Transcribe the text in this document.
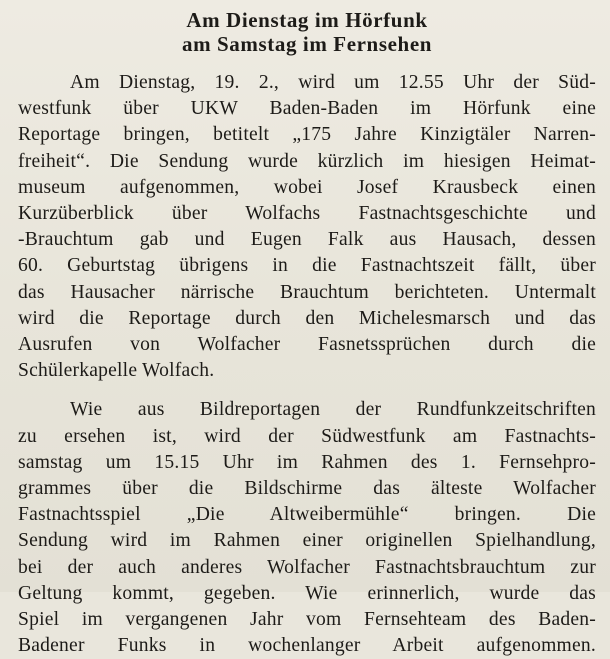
Am Dienstag im Hörfunk
am Samstag im Fernsehen
Am Dienstag, 19. 2., wird um 12.55 Uhr der Süd-
westfunk über UKW Baden-Baden im Hörfunk eine
Reportage bringen, betitelt „175 Jahre Kinzigtäler Narren-
freiheit“. Die Sendung wurde kürzlich im hiesigen Heimat-
museum aufgenommen, wobei Josef Krausbeck einen
Kurzüberblick über Wolfachs Fastnachtsgeschichte und
-Brauchtum gab und Eugen Falk aus Hausach, dessen
60. Geburtstag übrigens in die Fastnachtszeit fällt, über
das Hausacher närrische Brauchtum berichteten. Untermalt
wird die Reportage durch den Michelesmarsch und das
Ausrufen von Wolfacher Fasnetssprüchen durch die
Schülerkapelle Wolfach.
Wie aus Bildreportagen der Rundfunkzeitschriften
zu ersehen ist, wird der Südwestfunk am Fastnachts-
samstag um 15.15 Uhr im Rahmen des 1. Fernsehpro-
grammes über die Bildschirme das älteste Wolfacher
Fastnachtsspiel „Die Altweibermühle“ bringen. Die
Sendung wird im Rahmen einer originellen Spielhandlung,
bei der auch anderes Wolfacher Fastnachtsbrauchtum zur
Geltung kommt, gegeben. Wie erinnerlich, wurde das
Spiel im vergangenen Jahr vom Fernsehteam des Baden-
Badener Funks in wochenlanger Arbeit aufgenommen.
